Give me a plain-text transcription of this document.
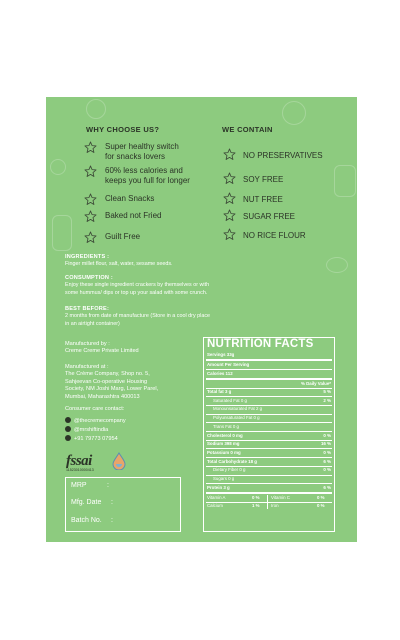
WHY CHOOSE US?
Super healthy switch
for snacks lovers
60% less calories and
keeps you full for longer
Clean Snacks
Baked not Fried
Guilt Free
WE CONTAIN
NO PRESERVATIVES
SOY FREE
NUT FREE
SUGAR FREE
NO RICE FLOUR
INGREDIENTS :
Finger millet flour, salt, water, sesame seeds.
CONSUMPTION :
Enjoy these single ingredient crackers by themselves or with
some hummus/ dips or top up your salad with some crunch.
BEST BEFORE:
2 months from date of manufacture (Store in a cool dry place
in an airtight container)
Manufactured by :
Creme Creme Private Limited
Manufactured at :
The Crème Company, Shop no. 5,
Sahjeevan Co-operative Housing
Society, NM Joshi Marg, Lower Parel,
Mumbai, Maharashtra 400013
Consumer care contact:
@thecremecompany
@mrshiftindia
+91 79773 07954
fssai
11523010000413
MRP	:
Mfg. Date :
Batch No. :
NUTRITION FACTS
Servings 33g
Amount Per Serving
Calories 112
% Daily Value*
Total fat 3 g	5 %
Saturated Fat 0 g	2 %
Monounsaturated Fat 2 g
Polyunsaturated Fat 0 g
Trans Fat 0 g
Cholesterol 0 mg	0 %
Sodium 398 mg	16 %
Potassium 0 mg	0 %
Total Carbohydrate 18 g	6 %
Dietary Fiber 0 g	0 %
Sugars 0 g
Protein 3 g	6 %
Vitamin A	0 %	Vitamin C	0 %
Calcium	1 %	Iron	0 %
